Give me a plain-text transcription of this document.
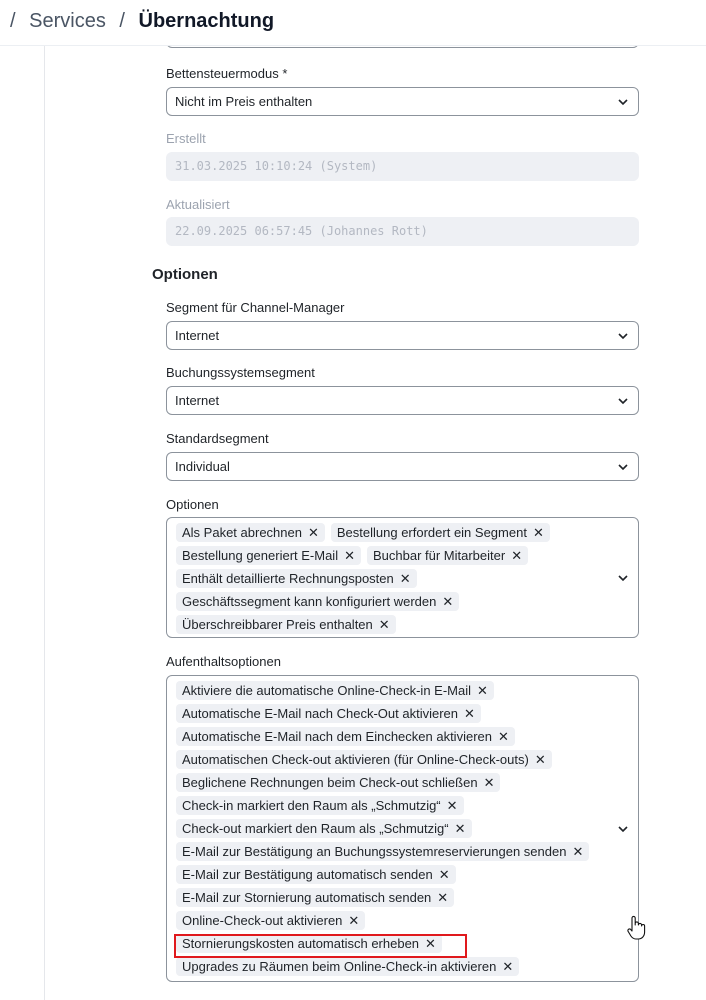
/ Services / Übernachtung
Bettensteuermodus *
Nicht im Preis enthalten
Erstellt
31.03.2025 10:10:24 (System)
Aktualisiert
22.09.2025 06:57:45 (Johannes Rott)
Optionen
Segment für Channel-Manager
Internet
Buchungssystemsegment
Internet
Standardsegment
Individual
Optionen
Als Paket abrechnen ✕ Bestellung erfordert ein Segment ✕
Bestellung generiert E-Mail ✕ Buchbar für Mitarbeiter ✕
Enthält detaillierte Rechnungsposten ✕
Geschäftssegment kann konfiguriert werden ✕
Überschreibbarer Preis enthalten ✕
Aufenthaltsoptionen
Aktiviere die automatische Online-Check-in E-Mail ✕
Automatische E-Mail nach Check-Out aktivieren ✕
Automatische E-Mail nach dem Einchecken aktivieren ✕
Automatischen Check-out aktivieren (für Online-Check-outs) ✕
Beglichene Rechnungen beim Check-out schließen ✕
Check-in markiert den Raum als „Schmutzig“ ✕
Check-out markiert den Raum als „Schmutzig“ ✕
E-Mail zur Bestätigung an Buchungssystemreservierungen senden ✕
E-Mail zur Bestätigung automatisch senden ✕
E-Mail zur Stornierung automatisch senden ✕
Online-Check-out aktivieren ✕
Stornierungskosten automatisch erheben ✕
Upgrades zu Räumen beim Online-Check-in aktivieren ✕
